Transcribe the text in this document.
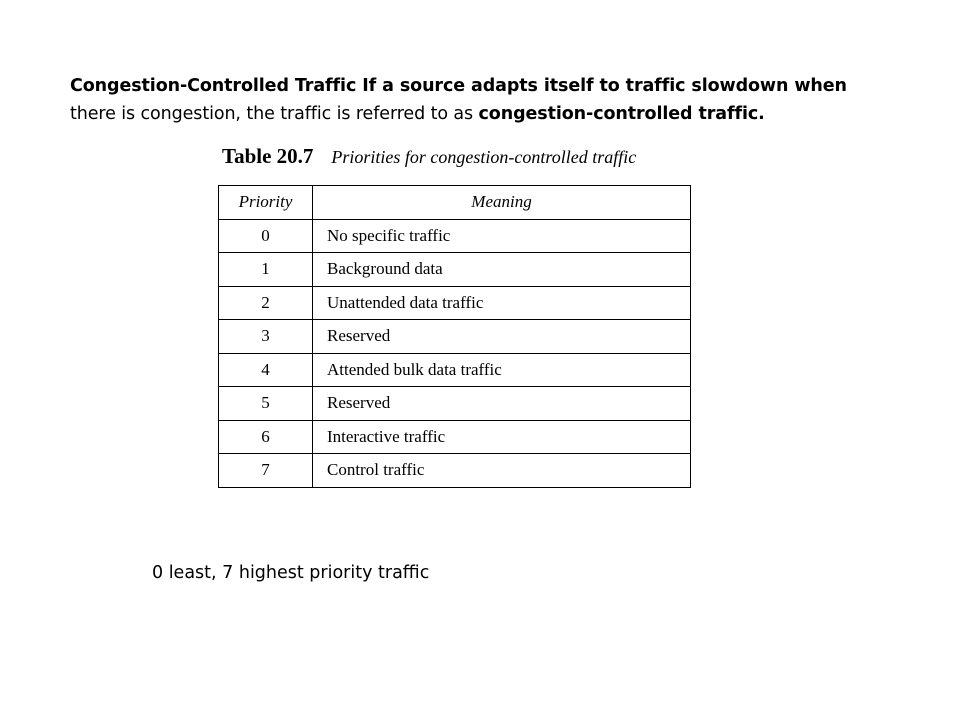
Congestion-Controlled Traffic If a source adapts itself to traffic slowdown when
there is congestion, the traffic is referred to as congestion-controlled traffic.
Table 20.7 Priorities for congestion-controlled traffic
Priority	Meaning
0	No specific traffic
1	Background data
2	Unattended data traffic
3	Reserved
4	Attended bulk data traffic
5	Reserved
6	Interactive traffic
7	Control traffic
0 least, 7 highest priority traffic
